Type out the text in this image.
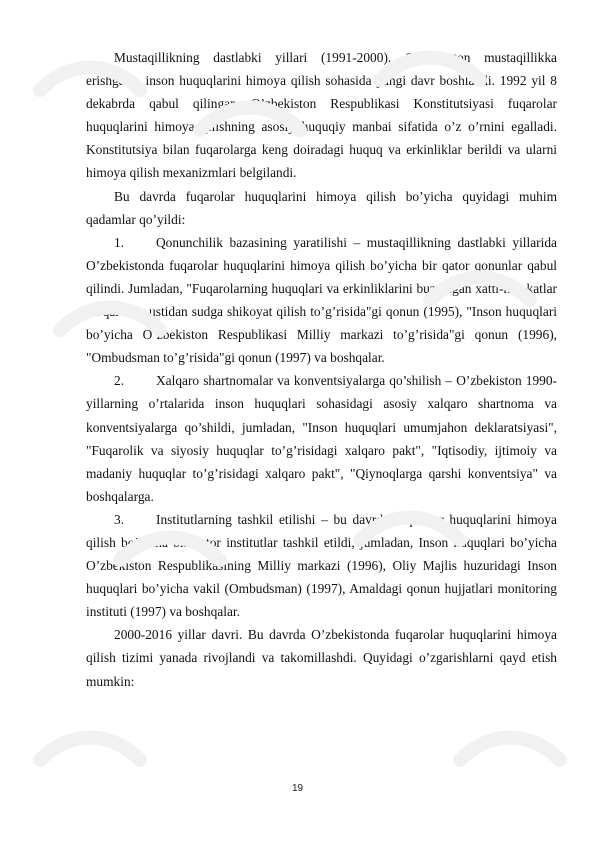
Mustaqillikning dastlabki yillari (1991-2000). O’zbekiston mustaqillikka erishgach, inson huquqlarini himoya qilish sohasida yangi davr boshlandi. 1992 yil 8 dekabrda qabul qilingan O’zbekiston Respublikasi Konstitutsiyasi fuqarolar huquqlarini himoya qilishning asosiy huquqiy manbai sifatida o’z o’rnini egalladi. Konstitutsiya bilan fuqarolarga keng doiradagi huquq va erkinliklar berildi va ularni himoya qilish mexanizmlari belgilandi.

Bu davrda fuqarolar huquqlarini himoya qilish bo’yicha quyidagi muhim qadamlar qo’yildi:

1. Qonunchilik bazasining yaratilishi – mustaqillikning dastlabki yillarida O’zbekistonda fuqarolar huquqlarini himoya qilish bo’yicha bir qator qonunlar qabul qilindi. Jumladan, "Fuqarolarning huquqlari va erkinliklarini buzadigan xatti-harakatlar va qarorlar ustidan sudga shikoyat qilish to’g’risida"gi qonun (1995), "Inson huquqlari bo’yicha O’zbekiston Respublikasi Milliy markazi to’g’risida"gi qonun (1996), "Ombudsman to’g’risida"gi qonun (1997) va boshqalar.

2. Xalqaro shartnomalar va konventsiyalarga qo’shilish – O’zbekiston 1990-yillarning o’rtalarida inson huquqlari sohasidagi asosiy xalqaro shartnoma va konventsiyalarga qo’shildi, jumladan, "Inson huquqlari umumjahon deklaratsiyasi", "Fuqarolik va siyosiy huquqlar to’g’risidagi xalqaro pakt", "Iqtisodiy, ijtimoiy va madaniy huquqlar to’g’risidagi xalqaro pakt", "Qiynoqlarga qarshi konventsiya" va boshqalarga.

3. Institutlarning tashkil etilishi – bu davrda fuqarolar huquqlarini himoya qilish bo’yicha bir qator institutlar tashkil etildi, jumladan, Inson huquqlari bo’yicha O’zbekiston Respublikasining Milliy markazi (1996), Oliy Majlis huzuridagi Inson huquqlari bo’yicha vakil (Ombudsman) (1997), Amaldagi qonun hujjatlari monitoring instituti (1997) va boshqalar.

2000-2016 yillar davri. Bu davrda O’zbekistonda fuqarolar huquqlarini himoya qilish tizimi yanada rivojlandi va takomillashdi. Quyidagi o’zgarishlarni qayd etish mumkin:

19
